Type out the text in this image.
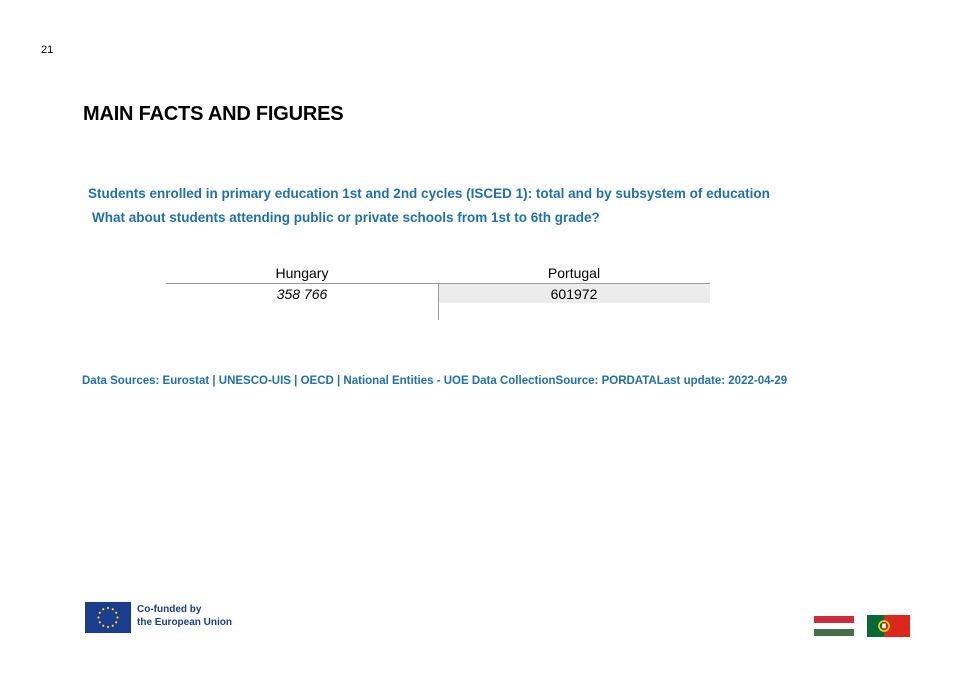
21
MAIN FACTS AND FIGURES
Students enrolled in primary education 1st and 2nd cycles (ISCED 1): total and by subsystem of education
What about students attending public or private schools from 1st to 6th grade?
Hungary	Portugal
358 766	601972
Data Sources: Eurostat | UNESCO-UIS | OECD | National Entities - UOE Data CollectionSource: PORDATALast update: 2022-04-29
Co-funded by
the European Union
